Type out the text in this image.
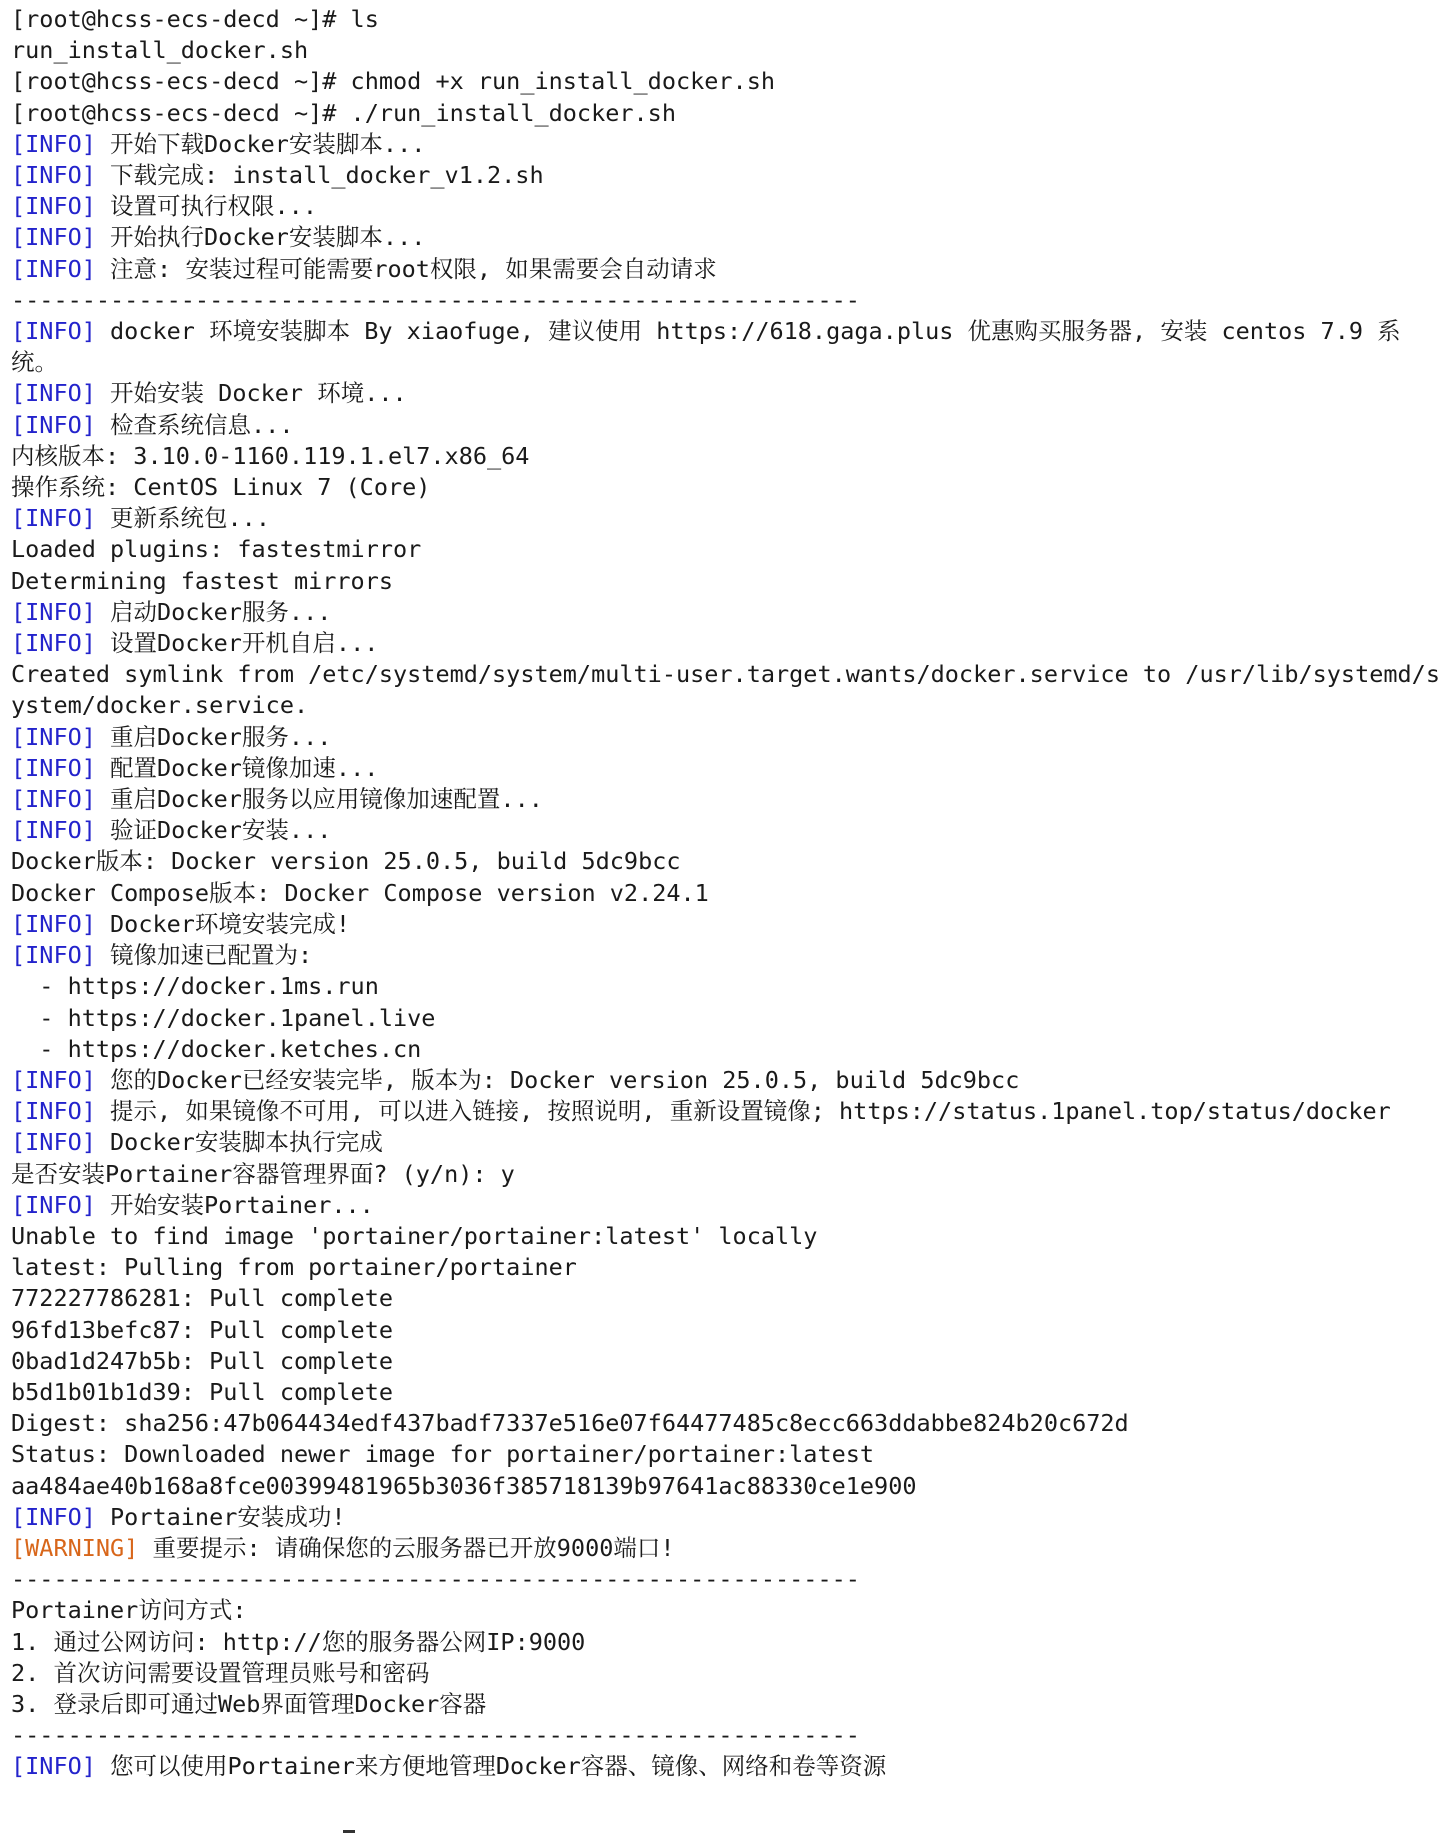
[root@hcss-ecs-decd ~]# ls
run_install_docker.sh
[root@hcss-ecs-decd ~]# chmod +x run_install_docker.sh
[root@hcss-ecs-decd ~]# ./run_install_docker.sh
[INFO] 开始下载Docker安装脚本...
[INFO] 下载完成: install_docker_v1.2.sh
[INFO] 设置可执行权限...
[INFO] 开始执行Docker安装脚本...
[INFO] 注意: 安装过程可能需要root权限, 如果需要会自动请求
------------------------------------------------------------
[INFO] docker 环境安装脚本 By xiaofuge, 建议使用 https://618.gaga.plus 优惠购买服务器, 安装 centos 7.9 系统。
[INFO] 开始安装 Docker 环境...
[INFO] 检查系统信息...
内核版本: 3.10.0-1160.119.1.el7.x86_64
操作系统: CentOS Linux 7 (Core)
[INFO] 更新系统包...
Loaded plugins: fastestmirror
Determining fastest mirrors
[INFO] 启动Docker服务...
[INFO] 设置Docker开机自启...
Created symlink from /etc/systemd/system/multi-user.target.wants/docker.service to /usr/lib/systemd/system/docker.service.
[INFO] 重启Docker服务...
[INFO] 配置Docker镜像加速...
[INFO] 重启Docker服务以应用镜像加速配置...
[INFO] 验证Docker安装...
Docker版本: Docker version 25.0.5, build 5dc9bcc
Docker Compose版本: Docker Compose version v2.24.1
[INFO] Docker环境安装完成!
[INFO] 镜像加速已配置为:
- https://docker.1ms.run
- https://docker.1panel.live
- https://docker.ketches.cn
[INFO] 您的Docker已经安装完毕, 版本为: Docker version 25.0.5, build 5dc9bcc
[INFO] 提示, 如果镜像不可用, 可以进入链接, 按照说明, 重新设置镜像; https://status.1panel.top/status/docker
[INFO] Docker安装脚本执行完成
是否安装Portainer容器管理界面? (y/n): y
[INFO] 开始安装Portainer...
Unable to find image 'portainer/portainer:latest' locally
latest: Pulling from portainer/portainer
772227786281: Pull complete
96fd13befc87: Pull complete
0bad1d247b5b: Pull complete
b5d1b01b1d39: Pull complete
Digest: sha256:47b064434edf437badf7337e516e07f64477485c8ecc663ddabbe824b20c672d
Status: Downloaded newer image for portainer/portainer:latest
aa484ae40b168a8fce00399481965b3036f385718139b97641ac88330ce1e900
[INFO] Portainer安装成功!
[WARNING] 重要提示: 请确保您的云服务器已开放9000端口!
------------------------------------------------------------
Portainer访问方式:
1. 通过公网访问: http://您的服务器公网IP:9000
2. 首次访问需要设置管理员账号和密码
3. 登录后即可通过Web界面管理Docker容器
------------------------------------------------------------
[INFO] 您可以使用Portainer来方便地管理Docker容器、镜像、网络和卷等资源
